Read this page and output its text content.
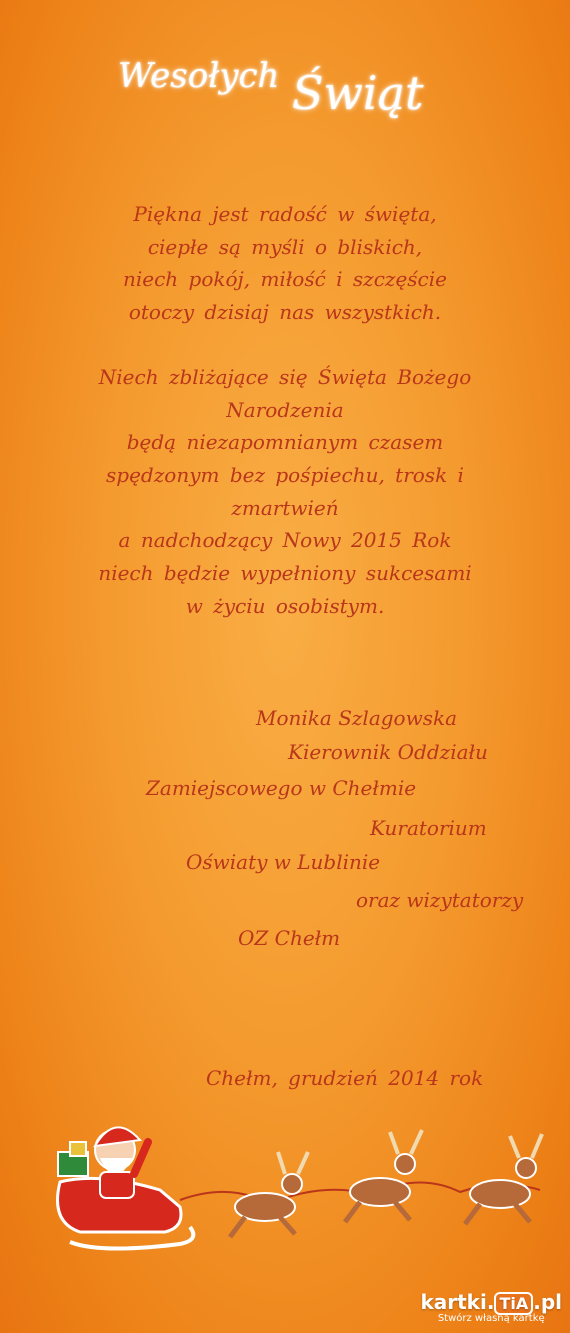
Wesołych Świąt
Piękna jest radość w święta,
ciepłe są myśli o bliskich,
niech pokój, miłość i szczęście
otoczy dzisiaj nas wszystkich.
Niech zbliżające się Święta Bożego
Narodzenia
będą niezapomnianym czasem
spędzonym bez pośpiechu, trosk i
zmartwień
a nadchodzący Nowy 2015 Rok
niech będzie wypełniony sukcesami
w życiu osobistym.
Monika Szlagowska
Kierownik Oddziału
Zamiejscowego w Chełmie
Kuratorium
Oświaty w Lublinie
oraz wizytatorzy
OZ Chełm
Chełm, grudzień 2014 rok
kartki. TiA .pl
Stwórz własną kartkę
